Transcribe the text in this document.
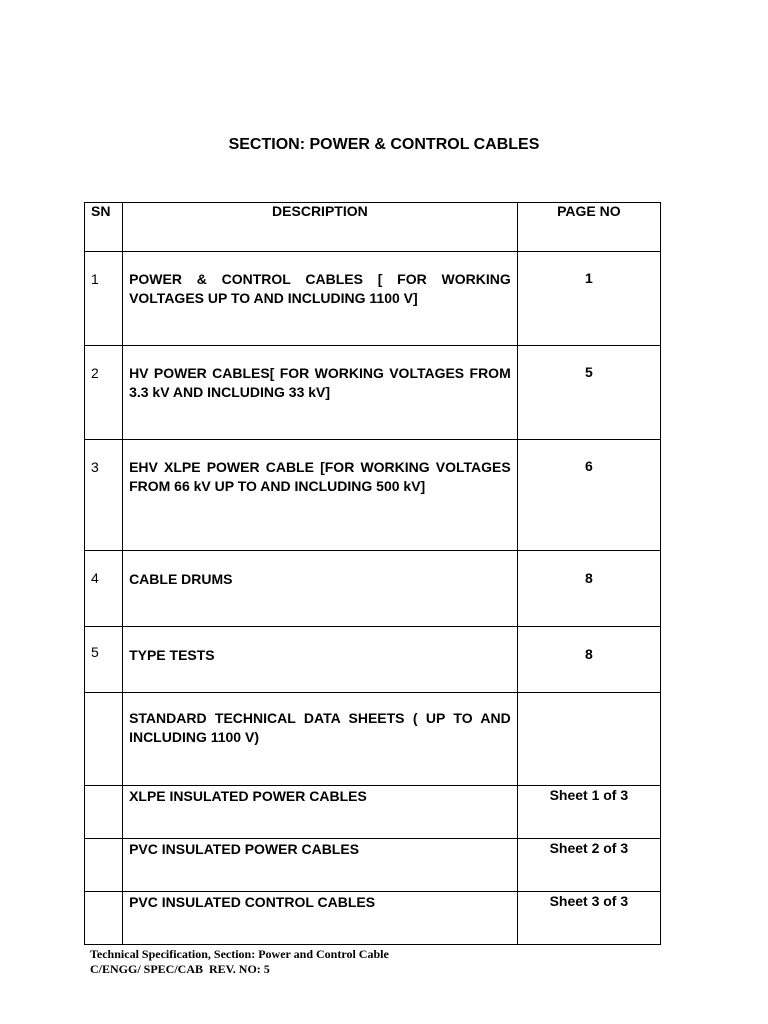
SECTION: POWER & CONTROL CABLES
SN	DESCRIPTION	PAGE NO
1	POWER & CONTROL CABLES [ FOR WORKING VOLTAGES UP TO AND INCLUDING 1100 V]	1
2	HV POWER CABLES[ FOR WORKING VOLTAGES FROM 3.3 kV AND INCLUDING 33 kV]	5
3	EHV XLPE POWER CABLE [FOR WORKING VOLTAGES FROM 66 kV UP TO AND INCLUDING 500 kV]	6
4	CABLE DRUMS	8
5	TYPE TESTS	8
	STANDARD TECHNICAL DATA SHEETS ( UP TO AND INCLUDING 1100 V)	
	XLPE INSULATED POWER CABLES	Sheet 1 of 3
	PVC INSULATED POWER CABLES	Sheet 2 of 3
	PVC INSULATED CONTROL CABLES	Sheet 3 of 3
Technical Specification, Section: Power and Control Cable
C/ENGG/ SPEC/CAB  REV. NO: 5
